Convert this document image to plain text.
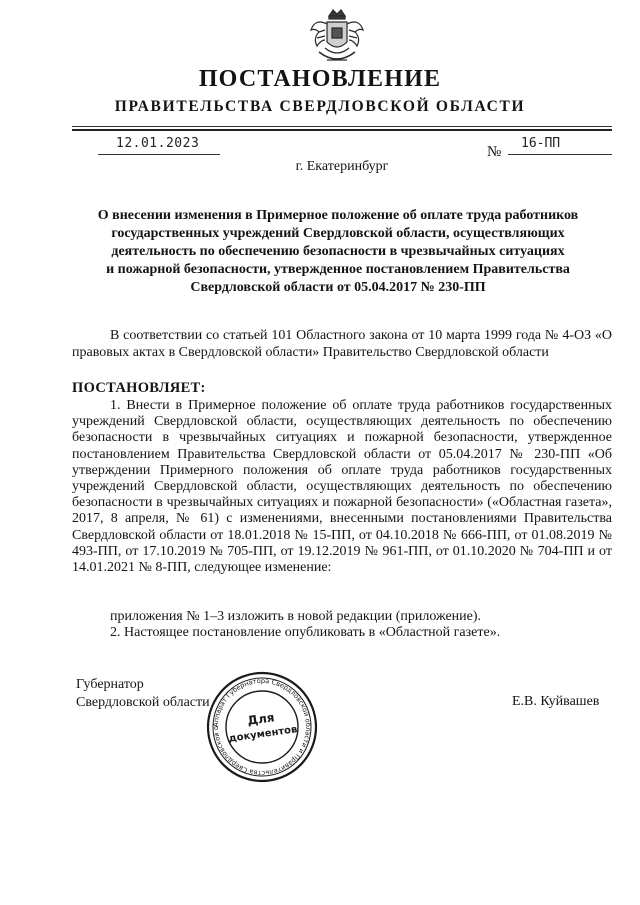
ПОСТАНОВЛЕНИЕ
ПРАВИТЕЛЬСТВА СВЕРДЛОВСКОЙ ОБЛАСТИ
12.01.2023
№
16-ПП
г. Екатеринбург
О внесении изменения в Примерное положение об оплате труда работников
государственных учреждений Свердловской области, осуществляющих
деятельность по обеспечению безопасности в чрезвычайных ситуациях
и пожарной безопасности, утвержденное постановлением Правительства
Свердловской области от 05.04.2017 № 230-ПП
В соответствии со статьей 101 Областного закона от 10 марта 1999 года № 4-ОЗ «О правовых актах в Свердловской области» Правительство Свердловской области
ПОСТАНОВЛЯЕТ:
1. Внести в Примерное положение об оплате труда работников государственных учреждений Свердловской области, осуществляющих деятельность по обеспечению безопасности в чрезвычайных ситуациях и пожарной безопасности, утвержденное постановлением Правительства Свердловской области от 05.04.2017 № 230-ПП «Об утверждении Примерного положения об оплате труда работников государственных учреждений Свердловской области, осуществляющих деятельность по обеспечению безопасности в чрезвычайных ситуациях и пожарной безопасности» («Областная газета», 2017, 8 апреля, № 61) с изменениями, внесенными постановлениями Правительства Свердловской области от 18.01.2018 № 15-ПП, от 04.10.2018 № 666-ПП, от 01.08.2019 № 493-ПП, от 17.10.2019 № 705-ПП, от 19.12.2019 № 961-ПП, от 01.10.2020 № 704-ПП и от 14.01.2021 № 8-ПП, следующее изменение:
приложения № 1–3 изложить в новой редакции (приложение).
2. Настоящее постановление опубликовать в «Областной газете».
Губернатор
Свердловской области	Е.В. Куйвашев
Аппарат Губернатора Свердловской области и Правительства Свердловской о
Для
документов
